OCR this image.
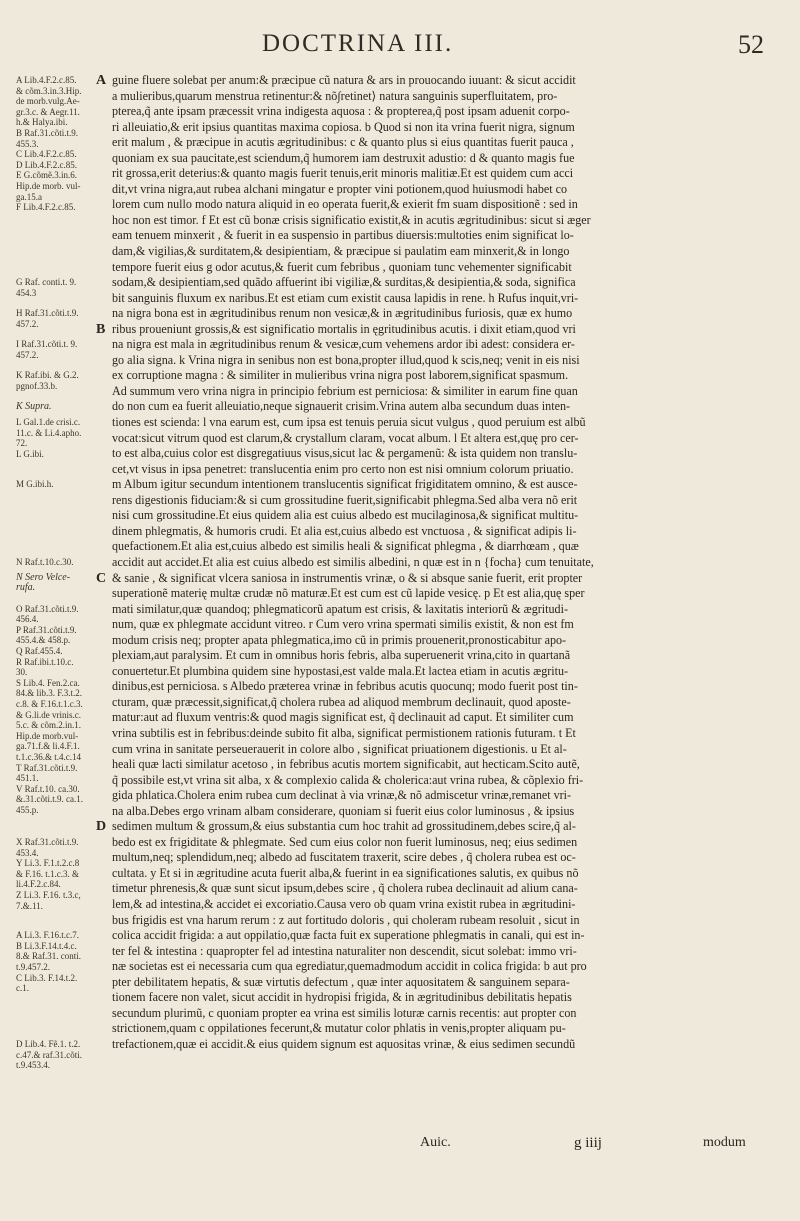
DOCTRINA III.	52
A Lib.4.F.2.c.85.
& cõm.3.in.3.Hip.
de morb.vulg.Ae-
gr.3.c. & Aegr.11.
h.& Halya.ibi.
B Raf.31.cõti.t.9.
455.3.
C Lib.4.F.2.c.85.
D Lib.4.F.2.c.85.
E G.cõmẽ.3.in.6.
Hip.de morb. vul-
ga.15.a
F Lib.4.F.2.c.85.
G Raf. conti.t. 9.
454.3
H Raf.31.cõti.t.9.
457.2.
I Raf.31.cõti.t. 9.
457.2.
K Raf.ibi. & G.2.
pgnof.33.b.
K Supra.
L Gal.1.de crisi.c.
11.c. & Li.4.apho.
72.
L G.ibi.
M G.ibi.h.
N Raf.t.10.c.30.
N Sero Velce-
rufa.
O Raf.31.cõti.t.9.
456.4.
P Raf.31.cõti.t.9.
455.4.& 458.p.
Q Raf.455.4.
R Raf.ibi.t.10.c.
30.
S Lib.4. Fen.2.ca.
84.& lib.3. F.3.t.2.
c.8. & F.16.t.1.c.3.
& G.li.de vrinis.c.
5.c. & cõm.2.in.1.
Hip.de morb.vul-
ga.71.f.& li.4.F.1.
t.1.c.36.& t.4.c.14
T Raf.31.cõti.t.9.
451.1.
V Raf.t.10. ca.30.
&.31.cõti.t.9. ca.1.
455.p.
X Raf.31.cõti.t.9.
453.4.
Y Li.3. F.1.t.2.c.8
& F.16. t.1.c.3. &
li.4.F.2.c.84.
Z Li.3. F.16. t.3.c,
7.&.11.
A Li.3. F.16.t.c.7.
B Li.3.F.14.t.4.c.
8.& Raf.31. conti.
t.9.457.2.
C Lib.3. F.14.t.2.
c.1.
D Lib.4. Fẽ.1. t.2.
c.47.& raf.31.cõti.
t.9.453.4.
A guine fluere solebat per anum:& præcipue cũ natura & ars in prouocando iuuant: & sicut accidit
a mulieribus,quarum menstrua retinentur:& nõ∫retinet⟩ natura sanguinis superfluitatem, pro-
pterea,q̃ ante ipsam præcessit vrina indigesta aquosa : & propterea,q̃ post ipsam aduenit corpo-
ri alleuiatio,& erit ipsius quantitas maxima copiosa. b Quod si non ita vrina fuerit nigra, signum
erit malum , & præcipue in acutis ægritudinibus: c & quanto plus si eius quantitas fuerit pauca ,
quoniam ex sua paucitate,est sciendum,q̃ humorem iam destruxit adustio: d & quanto magis fue
rit grossa,erit deterius:& quanto magis fuerit tenuis,erit minoris malitiæ.Et est quidem cum acci
dit,vt vrina nigra,aut rubea alchani mingatur e propter vini potionem,quod huiusmodi habet co
lorem cum nullo modo natura aliquid in eo operata fuerit,& exierit fm suam dispositionẽ : sed in
hoc non est timor. f Et est cũ bonæ crisis significatio existit,& in acutis ægritudinibus: sicut si æger
eam tenuem minxerit , & fuerit in ea suspensio in partibus diuersis:multoties enim significat lo-
dam,& vigilias,& surditatem,& desipientiam, & præcipue si paulatim eam minxerit,& in longo
tempore fuerit eius g odor acutus,& fuerit cum febribus , quoniam tunc vehementer significabit
sodam,& desipientiam,sed quãdo affuerint ibi vigiliæ,& surditas,& desipientia,& soda, significa
bit sanguinis fluxum ex naribus.Et est etiam cum existit causa lapidis in rene. h Rufus inquit,vri-
na nigra bona est in ægritudinibus renum non vesicæ,& in ægritudinibus furiosis, quæ ex humo
B ribus proueniunt grossis,& est significatio mortalis in ęgritudinibus acutis. i dixit etiam,quod vri
na nigra est mala in ægritudinibus renum & vesicæ,cum vehemens ardor ibi adest: considera er-
go alia signa. k Vrina nigra in senibus non est bona,propter illud,quod k scis,neq; venit in eis nisi
ex corruptione magna : & similiter in mulieribus vrina nigra post laborem,significat spasmum.
Ad summum vero vrina nigra in principio febrium est perniciosa: & similiter in earum fine quan
do non cum ea fuerit alleuiatio,neque signauerit crisim.Vrina autem alba secundum duas inten-
tiones est scienda: l vna earum est, cum ipsa est tenuis peruia sicut vulgus , quod peruium est albũ
vocat:sicut vitrum quod est clarum,& crystallum claram, vocat album. l Et altera est,quę pro cer-
to est alba,cuius color est disgregatiuus visus,sicut lac & pergamenũ: & ista quidem non translu-
cet,vt visus in ipsa penetret: translucentia enim pro certo non est nisi omnium colorum priuatio.
m Album igitur secundum intentionem translucentis significat frigiditatem omnino, & est ausce-
rens digestionis fiduciam:& si cum grossitudine fuerit,significabit phlegma.Sed alba vera nõ erit
nisi cum grossitudine.Et eius quidem alia est cuius albedo est mucilaginosa,& significat multitu-
dinem phlegmatis, & humoris crudi. Et alia est,cuius albedo est vnctuosa , & significat adipis li-
quefactionem.Et alia est,cuius albedo est similis heali & significat phlegma , & diarrhœam , quæ
accidit aut accidet.Et alia est cuius albedo est similis albedini, n quæ est in n {focha} cum tenuitate,
C & sanie , & significat vlcera saniosa in instrumentis vrinæ, o & si absque sanie fuerit, erit propter
superationẽ materię multæ crudæ nõ maturæ.Et est cum est cũ lapide vesicę. p Et est alia,quę sper
mati similatur,quæ quandoq; phlegmaticorũ apatum est crisis, & laxitatis interiorũ & ægritudi-
num, quæ ex phlegmate accidunt vitreo. r Cum vero vrina spermati similis existit, & non est fm
modum crisis neq; propter apata phlegmatica,imo cũ in primis prouenerit,pronosticabitur apo-
plexiam,aut paralysim. Et cum in omnibus horis febris, alba superuenerit vrina,cito in quartanã
conuertetur.Et plumbina quidem sine hypostasi,est valde mala.Et lactea etiam in acutis ægritu-
dinibus,est perniciosa. s Albedo præterea vrinæ in febribus acutis quocunq; modo fuerit post tin-
cturam, quæ præcessit,significat,q̃ cholera rubea ad aliquod membrum declinauit, quod aposte-
matur:aut ad fluxum ventris:& quod magis significat est, q̃ declinauit ad caput. Et similiter cum
vrina subtilis est in febribus:deinde subito fit alba, significat permistionem rationis futuram. t Et
cum vrina in sanitate perseuerauerit in colore albo , significat priuationem digestionis. u Et al-
heali quæ lacti similatur acetoso , in febribus acutis mortem significabit, aut hecticam.Scito autẽ,
q̃ possibile est,vt vrina sit alba, x & complexio calida & cholerica:aut vrina rubea, & cõplexio fri-
gida phlatica.Cholera enim rubea cum declinat à via vrinæ,& nõ admiscetur vrinæ,remanet vri-
na alba.Debes ergo vrinam albam considerare, quoniam si fuerit eius color luminosus , & ipsius
D sedimen multum & grossum,& eius substantia cum hoc trahit ad grossitudinem,debes scire,q̃ al-
bedo est ex frigiditate & phlegmate. Sed cum eius color non fuerit luminosus, neq; eius sedimen
multum,neq; splendidum,neq; albedo ad fuscitatem traxerit, scire debes , q̃ cholera rubea est oc-
cultata. y Et si in ægritudine acuta fuerit alba,& fuerint in ea significationes salutis, ex quibus nõ
timetur phrenesis,& quæ sunt sicut ipsum,debes scire , q̃ cholera rubea declinauit ad alium cana-
lem,& ad intestina,& accidet ei excoriatio.Causa vero ob quam vrina existit rubea in ægritudini-
bus frigidis est vna harum rerum : z aut fortitudo doloris , qui choleram rubeam resoluit , sicut in
colica accidit frigida: a aut oppilatio,quæ facta fuit ex superatione phlegmatis in canali, qui est in-
ter fel & intestina : quapropter fel ad intestina naturaliter non descendit, sicut solebat: immo vri-
næ societas est ei necessaria cum qua egrediatur,quemadmodum accidit in colica frigida: b aut pro
pter debilitatem hepatis, & suæ virtutis defectum , quæ inter aquositatem & sanguinem separa-
tionem facere non valet, sicut accidit in hydropisi frigida, & in ægritudinibus debilitatis hepatis
secundum plurimũ, c quoniam propter ea vrina est similis loturæ carnis recentis: aut propter con
strictionem,quam c oppilationes fecerunt,& mutatur color phlatis in venis,propter aliquam pu-
trefactionem,quæ ei accidit.& eius quidem signum est aquositas vrinæ, & eius sedimen secundũ
Auic.	g iiij	modum
